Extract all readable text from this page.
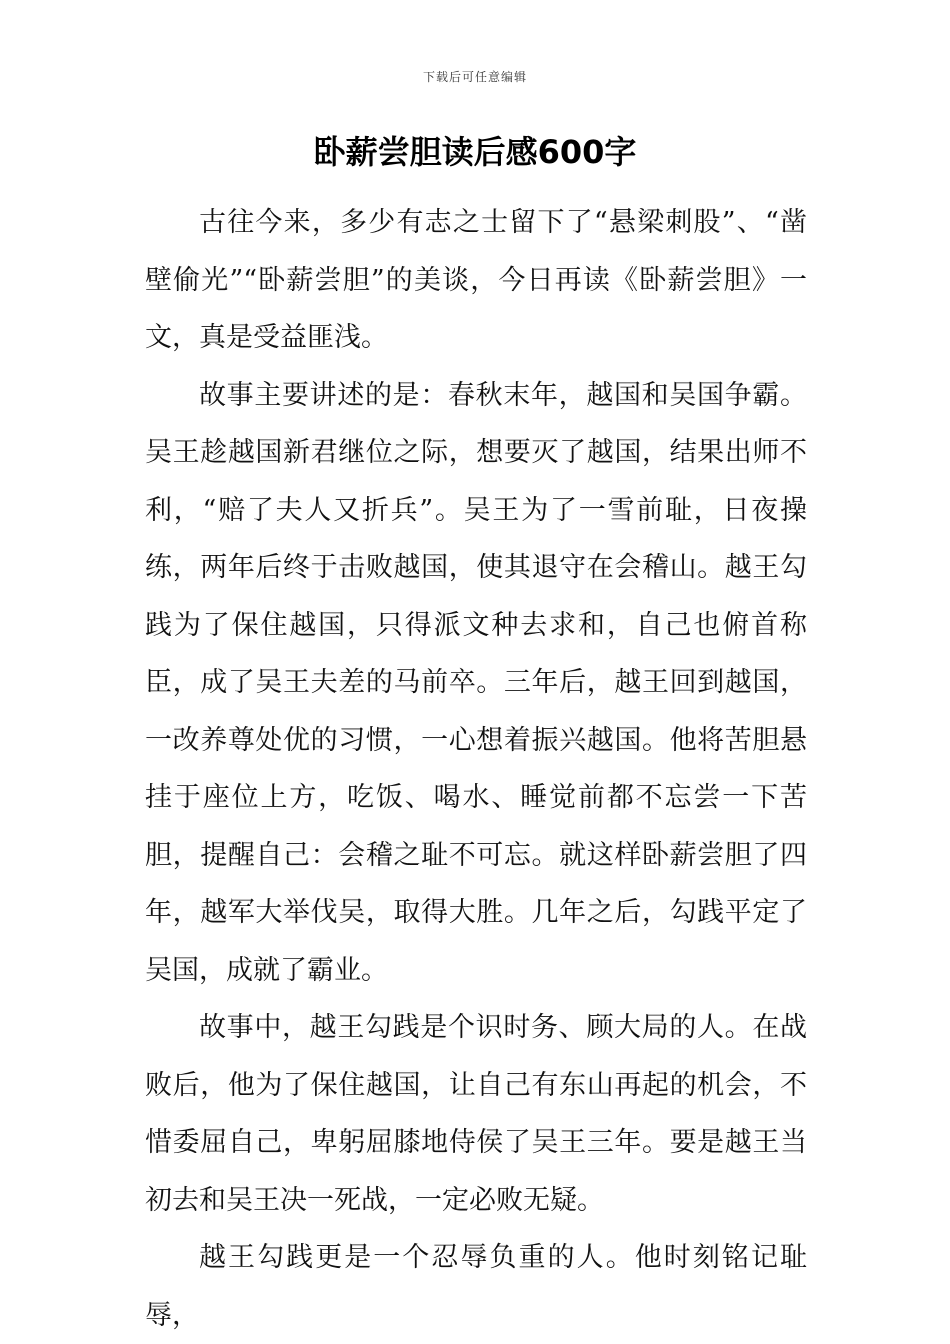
下载后可任意编辑
卧薪尝胆读后感600字

古往今来，多少有志之士留下了“悬梁刺股”、“凿壁偷光”“卧薪尝胆”的美谈，今日再读《卧薪尝胆》一文，真是受益匪浅。

故事主要讲述的是：春秋末年，越国和吴国争霸。吴王趁越国新君继位之际，想要灭了越国，结果出师不利，“赔了夫人又折兵”。吴王为了一雪前耻，日夜操练，两年后终于击败越国，使其退守在会稽山。越王勾践为了保住越国，只得派文种去求和，自己也俯首称臣，成了吴王夫差的马前卒。三年后，越王回到越国，一改养尊处优的习惯，一心想着振兴越国。他将苦胆悬挂于座位上方，吃饭、喝水、睡觉前都不忘尝一下苦胆，提醒自己：会稽之耻不可忘。就这样卧薪尝胆了四年，越军大举伐吴，取得大胜。几年之后，勾践平定了吴国，成就了霸业。

故事中，越王勾践是个识时务、顾大局的人。在战败后，他为了保住越国，让自己有东山再起的机会，不惜委屈自己，卑躬屈膝地侍侯了吴王三年。要是越王当初去和吴王决一死战，一定必败无疑。

越王勾践更是一个忍辱负重的人。他时刻铭记耻辱，
